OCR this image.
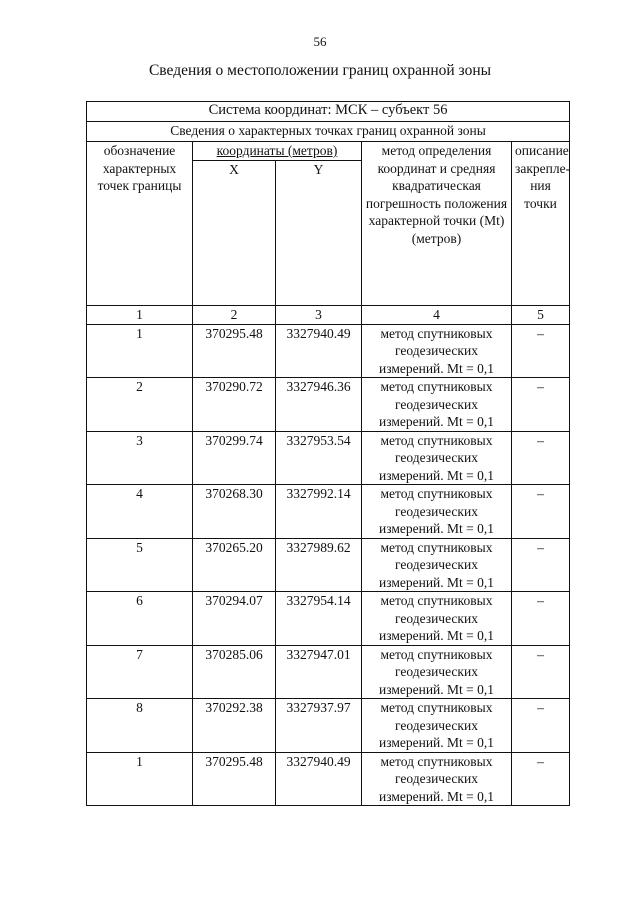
56
Сведения о местоположении границ охранной зоны
Система координат: МСК – субъект 56				
Сведения о характерных точках границ охранной зоны				
обозначение характерных точек границы	координаты (метров)		метод определения координат и средняя квадратическая погрешность положения характерной точки (Mt) (метров)	описание закрепле-ния точки
	X	Y		
1	2	3	4	5
1	370295.48	3327940.49	метод спутниковых геодезических измерений. Mt = 0,1	–
2	370290.72	3327946.36	метод спутниковых геодезических измерений. Mt = 0,1	–
3	370299.74	3327953.54	метод спутниковых геодезических измерений. Mt = 0,1	–
4	370268.30	3327992.14	метод спутниковых геодезических измерений. Mt = 0,1	–
5	370265.20	3327989.62	метод спутниковых геодезических измерений. Mt = 0,1	–
6	370294.07	3327954.14	метод спутниковых геодезических измерений. Mt = 0,1	–
7	370285.06	3327947.01	метод спутниковых геодезических измерений. Mt = 0,1	–
8	370292.38	3327937.97	метод спутниковых геодезических измерений. Mt = 0,1	–
1	370295.48	3327940.49	метод спутниковых геодезических измерений. Mt = 0,1	–
